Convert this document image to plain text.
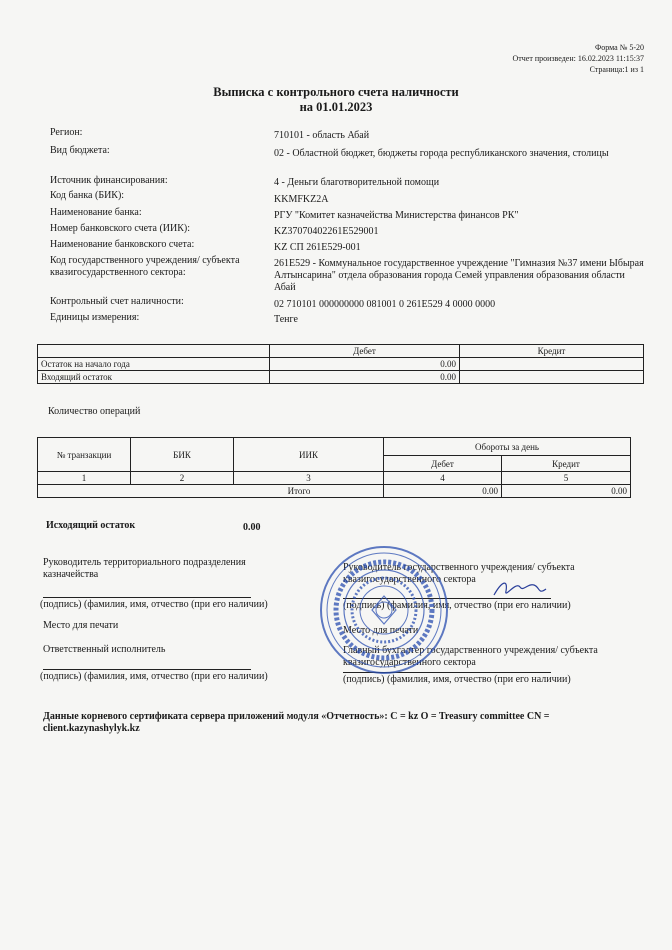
Форма № 5-20
Отчет произведен: 16.02.2023 11:15:37
Страница:1 из 1
Выписка с контрольного счета наличности
на 01.01.2023
Регион:	710101 - область Абай
Вид бюджета:	02 - Областной бюджет, бюджеты города республиканского значения, столицы
Источник финансирования:	4 - Деньги благотворительной помощи
Код банка (БИК):	KKMFKZ2A
Наименование банка:	РГУ "Комитет казначейства Министерства финансов РК"
Номер банковского счета (ИИК):	KZ37070402261E529001
Наименование банковского счета:	KZ СП 261E529-001
Код государственного учреждения/ субъекта квазигосударственного сектора:
261E529 - Коммунальное государственное учреждение "Гимназия №37 имени Ыбырая Алтынсарина" отдела образования города Семей управления образования области Абай
Контрольный счет наличности:	02 710101 000000000 081001 0 261E529 4 0000 0000
Единицы измерения:	Тенге
	Дебет	Кредит
Остаток на начало года	0.00	
Входящий остаток	0.00	
Количество операций
№ транзакции	БИК	ИИК	Обороты за день	
			Дебет	Кредит
1	2	3	4	5
Итого			0.00	0.00
Исходящий остаток	0.00
Руководитель территориального подразделения казначейства
(подпись) (фамилия, имя, отчество (при его наличии)
Место для печати
Ответственный исполнитель
(подпись) (фамилия, имя, отчество (при его наличии)
Руководитель государственного учреждения/ субъекта квазигосударственного сектора
(подпись) (фамилия, имя, отчество (при его наличии)
Место для печати
Главный бухгалтер государственного учреждения/ субъекта квазигосударственного сектора
(подпись) (фамилия, имя, отчество (при его наличии)
Данные корневого сертификата сервера приложений модуля «Отчетность»: C = kz O = Treasury committee CN = client.kazynashylyk.kz
